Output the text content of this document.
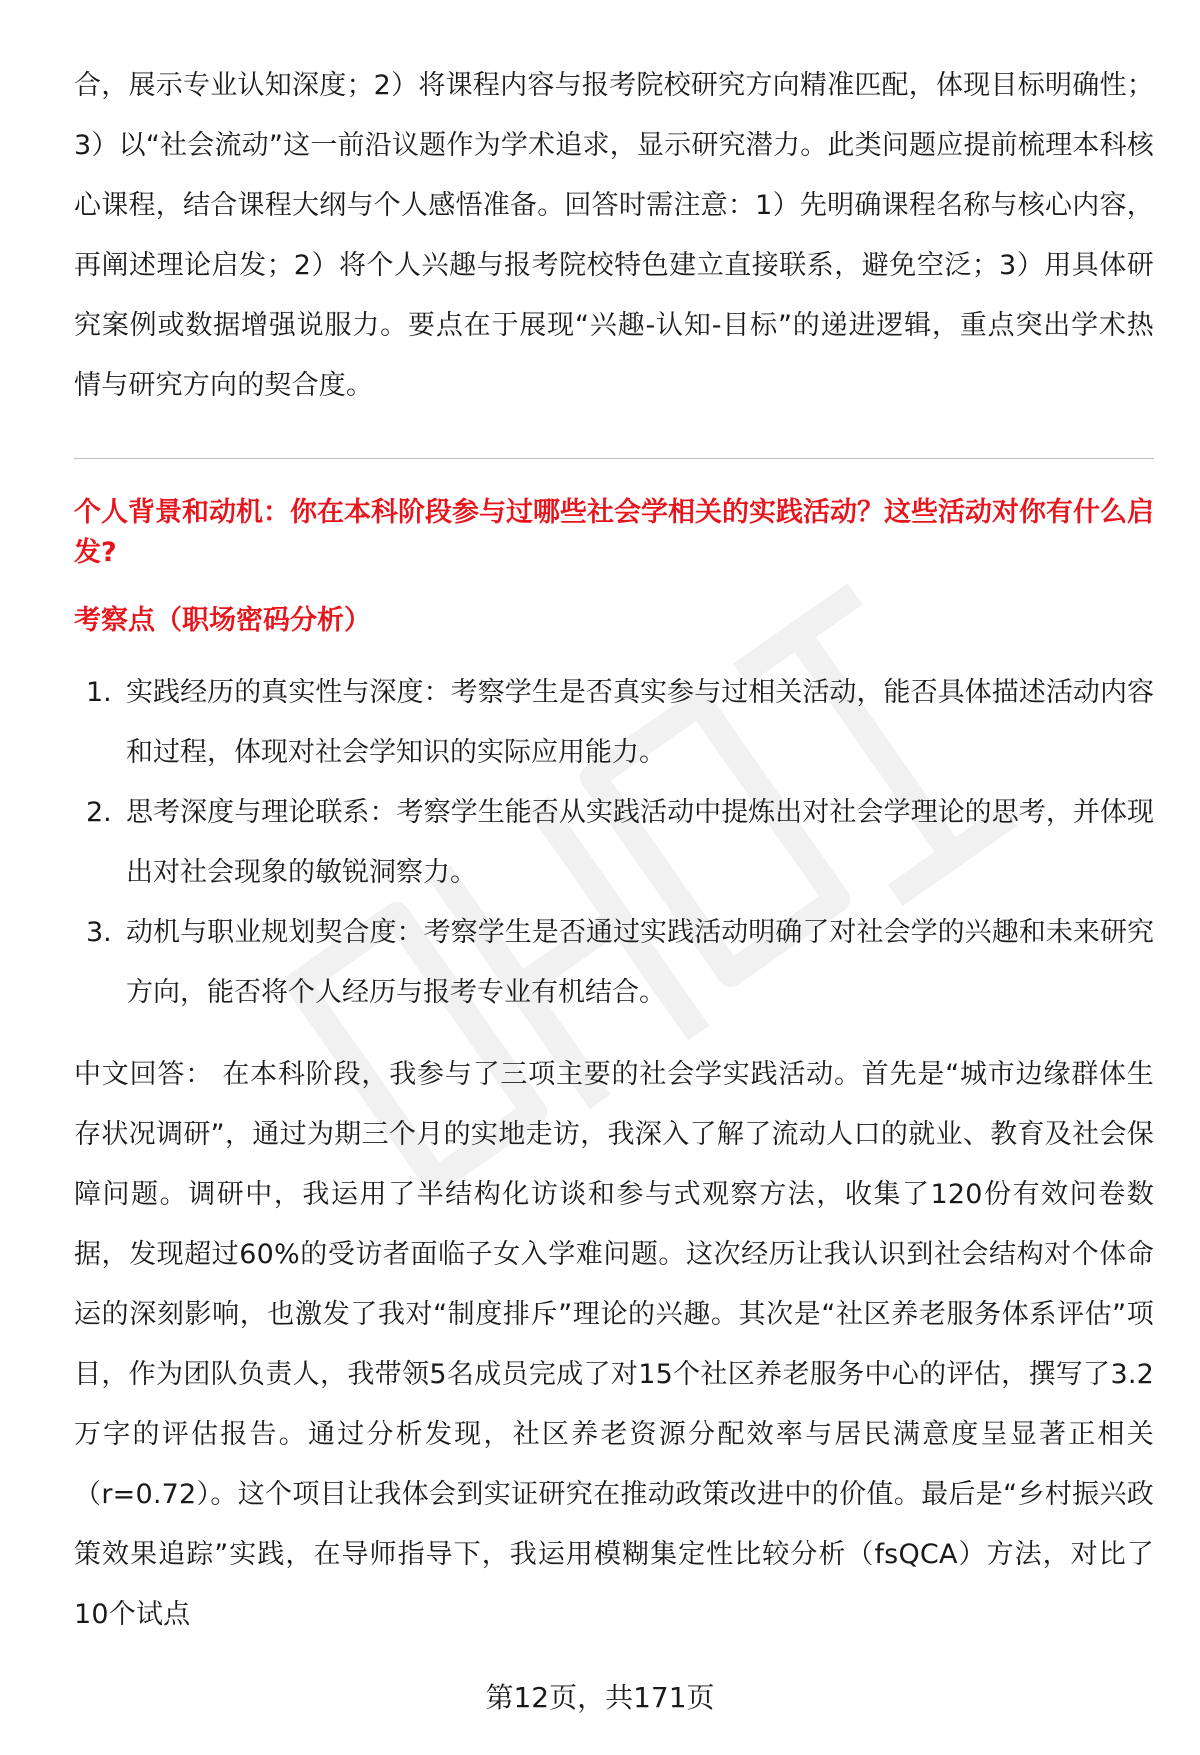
合，展示专业认知深度；2）将课程内容与报考院校研究方向精准匹配，体现目标明确性；3）以“社会流动”这一前沿议题作为学术追求，显示研究潜力。此类问题应提前梳理本科核心课程，结合课程大纲与个人感悟准备。回答时需注意：1）先明确课程名称与核心内容，再阐述理论启发；2）将个人兴趣与报考院校特色建立直接联系，避免空泛；3）用具体研究案例或数据增强说服力。要点在于展现“兴趣-认知-目标”的递进逻辑，重点突出学术热情与研究方向的契合度。

个人背景和动机：你在本科阶段参与过哪些社会学相关的实践活动？这些活动对你有什么启发?

考察点（职场密码分析）

1. 实践经历的真实性与深度：考察学生是否真实参与过相关活动，能否具体描述活动内容和过程，体现对社会学知识的实际应用能力。
2. 思考深度与理论联系：考察学生能否从实践活动中提炼出对社会学理论的思考，并体现出对社会现象的敏锐洞察力。
3. 动机与职业规划契合度：考察学生是否通过实践活动明确了对社会学的兴趣和未来研究方向，能否将个人经历与报考专业有机结合。

中文回答： 在本科阶段，我参与了三项主要的社会学实践活动。首先是“城市边缘群体生存状况调研”，通过为期三个月的实地走访，我深入了解了流动人口的就业、教育及社会保障问题。调研中，我运用了半结构化访谈和参与式观察方法，收集了120份有效问卷数据，发现超过60%的受访者面临子女入学难问题。这次经历让我认识到社会结构对个体命运的深刻影响，也激发了我对“制度排斥”理论的兴趣。其次是“社区养老服务体系评估”项目，作为团队负责人，我带领5名成员完成了对15个社区养老服务中心的评估，撰写了3.2万字的评估报告。通过分析发现，社区养老资源分配效率与居民满意度呈显著正相关（r=0.72）。这个项目让我体会到实证研究在推动政策改进中的价值。最后是“乡村振兴政策效果追踪”实践，在导师指导下，我运用模糊集定性比较分析（fsQCA）方法，对比了10个试点

第12页，共171页
